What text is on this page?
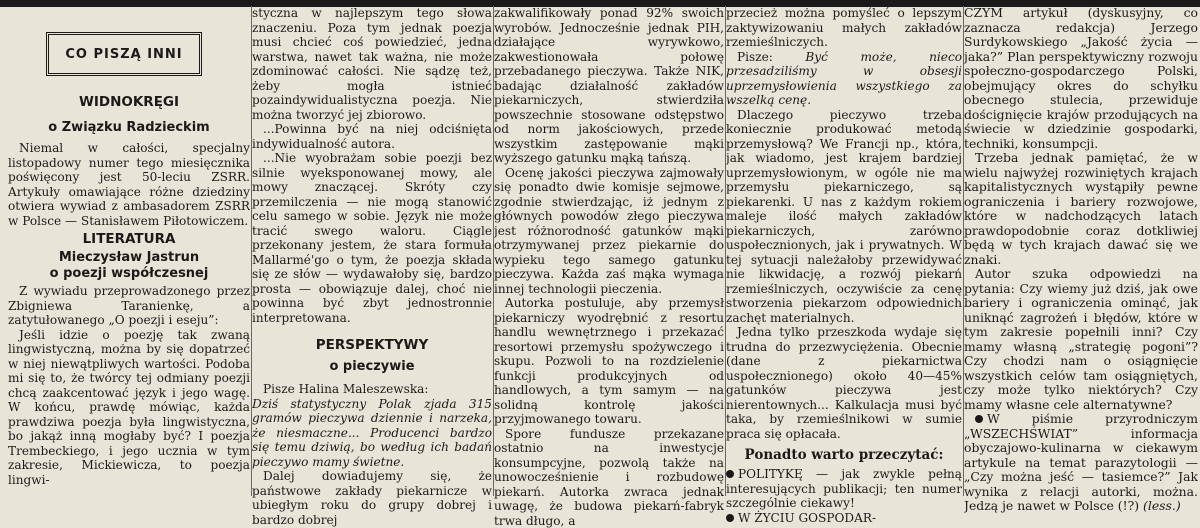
CO PISZĄ INNI
WIDNOKRĘGI
o Związku Radzieckim

Niemal w całości, specjalny listopadowy numer tego miesięcznika poświęcony jest 50-leciu ZSRR. Artykuły omawiające różne dziedziny otwiera wywiad z ambasadorem ZSRR w Polsce — Stanisławem Piłotowiczem.

LITERATURA
Mieczysław Jastrun
o poezji współczesnej

Z wywiadu przeprowadzonego przez Zbigniewa Taranienkę, a zatytułowanego „O poezji i eseju”:

Jeśli idzie o poezję tak zwaną lingwistyczną, można by się dopatrzeć w niej niewątpliwych wartości. Podoba mi się to, że twórcy tej odmiany poezji chcą zaakcentować język i jego wagę. W końcu, prawdę mówiąc, każda prawdziwa poezja była lingwistyczna, bo jakąż inną mogłaby być? I poezja Trembeckiego, i jego ucznia w tym zakresie, Mickiewicza, to poezja lingwi-

styczna w najlepszym tego słowa znaczeniu. Poza tym jednak poezja musi chcieć coś powiedzieć, jedna warstwa, nawet tak ważna, nie może zdominować całości. Nie sądzę też, żeby mogła istnieć pozaindywidualistyczna poezja. Nie można tworzyć jej zbiorowo.

...Powinna być na niej odciśnięta indywidualność autora.

...Nie wyobrażam sobie poezji bez silnie wyeksponowanej mowy, ale mowy znaczącej. Skróty czy przemilczenia — nie mogą stanowić celu samego w sobie. Język nie może tracić swego waloru. Ciągle przekonany jestem, że stara formuła Mallarmé'go o tym, że poezja składa się ze słów — wydawałoby się, bardzo prosta — obowiązuje dalej, choć nie powinna być zbyt jednostronnie interpretowana.

PERSPEKTYWY
o pieczywie

Pisze Halina Maleszewska:

Dziś statystyczny Polak zjada 315 gramów pieczywa dziennie i narzeka, że niesmaczne... Producenci bardzo się temu dziwią, bo według ich badań pieczywo mamy świetne.

Dalej dowiadujemy się, że państwowe zakłady piekarnicze w ubiegłym roku do grupy dobrej i bardzo dobrej

zakwalifikowały ponad 92% swoich wyrobów. Jednocześnie jednak PIH, działające wyrywkowo, zakwestionowała połowę przebadanego pieczywa. Także NIK, badając działalność zakładów piekarniczych, stwierdziła powszechnie stosowane odstępstwo od norm jakościowych, przede wszystkim zastępowanie mąki wyższego gatunku mąką tańszą.

Ocenę jakości pieczywa zajmowały się ponadto dwie komisje sejmowe, zgodnie stwierdzając, iż jednym z głównych powodów złego pieczywa jest różnorodność gatunków mąki otrzymywanej przez piekarnie do wypieku tego samego gatunku pieczywa. Każda zaś mąka wymaga innej technologii pieczenia.

Autorka postuluje, aby przemysł piekarniczy wyodrębnić z resortu handlu wewnętrznego i przekazać resortowi przemysłu spożywczego i skupu. Pozwoli to na rozdzielenie funkcji produkcyjnych od handlowych, a tym samym — na solidną kontrolę jakości przyjmowanego towaru.

Spore fundusze przekazane ostatnio na inwestycje konsumpcyjne, pozwolą także na unowocześnienie i rozbudowę piekarń. Autorka zwraca jednak uwagę, że budowa piekarń-fabryk trwa długo, a

przecież można pomyśleć o lepszym zaktywizowaniu małych zakładów rzemieślniczych.

Pisze: Być może, nieco przesadziliśmy w obsesji uprzemysłowienia wszystkiego za wszelką cenę.

Dlaczego pieczywo trzeba koniecznie produkować metodą przemysłową? We Francji np., która, jak wiadomo, jest krajem bardziej uprzemysłowionym, w ogóle nie ma przemysłu piekarniczego, są piekarenki. U nas z każdym rokiem maleje ilość małych zakładów piekarniczych, zarówno uspołecznionych, jak i prywatnych. W tej sytuacji należałoby przewidywać nie likwidację, a rozwój piekarń rzemieślniczych, oczywiście za cenę stworzenia piekarzom odpowiednich zachęt materialnych.

Jedna tylko przeszkoda wydaje się trudna do przezwyciężenia. Obecnie (dane z piekarnictwa uspołecznionego) około 40—45% gatunków pieczywa jest nierentownych... Kalkulacja musi być taka, by rzemieślnikowi w sumie praca się opłacała.

Ponadto warto przeczytać:

POLITYKĘ — jak zwykle pełną interesujących publikacji; ten numer szczególnie ciekawy!

W ŻYCIU GOSPODAR-

CZYM artykuł (dyskusyjny, co zaznacza redakcja) Jerzego Surdykowskiego „Jakość życia — jaka?” Plan perspektywiczny rozwoju społeczno-gospodarczego Polski, obejmujący okres do schyłku obecnego stulecia, przewiduje doścignięcie krajów przodujących na świecie w dziedzinie gospodarki, techniki, konsumpcji.

Trzeba jednak pamiętać, że w wielu najwyżej rozwiniętych krajach kapitalistycznych wystąpiły pewne ograniczenia i bariery rozwojowe, które w nadchodzących latach prawdopodobnie coraz dotkliwiej będą w tych krajach dawać się we znaki.

Autor szuka odpowiedzi na pytania: Czy wiemy już dziś, jak owe bariery i ograniczenia ominąć, jak uniknąć zagrożeń i błędów, które w tym zakresie popełnili inni? Czy mamy własną „strategię pogoni”? Czy chodzi nam o osiągnięcie wszystkich celów tam osiągniętych, czy może tylko niektórych? Czy mamy własne cele alternatywne?

W piśmie przyrodniczym „WSZECHŚWIAT” informacja obyczajowo-kulinarna w ciekawym artykule na temat parazytologii — „Czy można jeść — tasiemce?” Jak wynika z relacji autorki, można. Jedzą je nawet w Polsce (!?) (less.)
